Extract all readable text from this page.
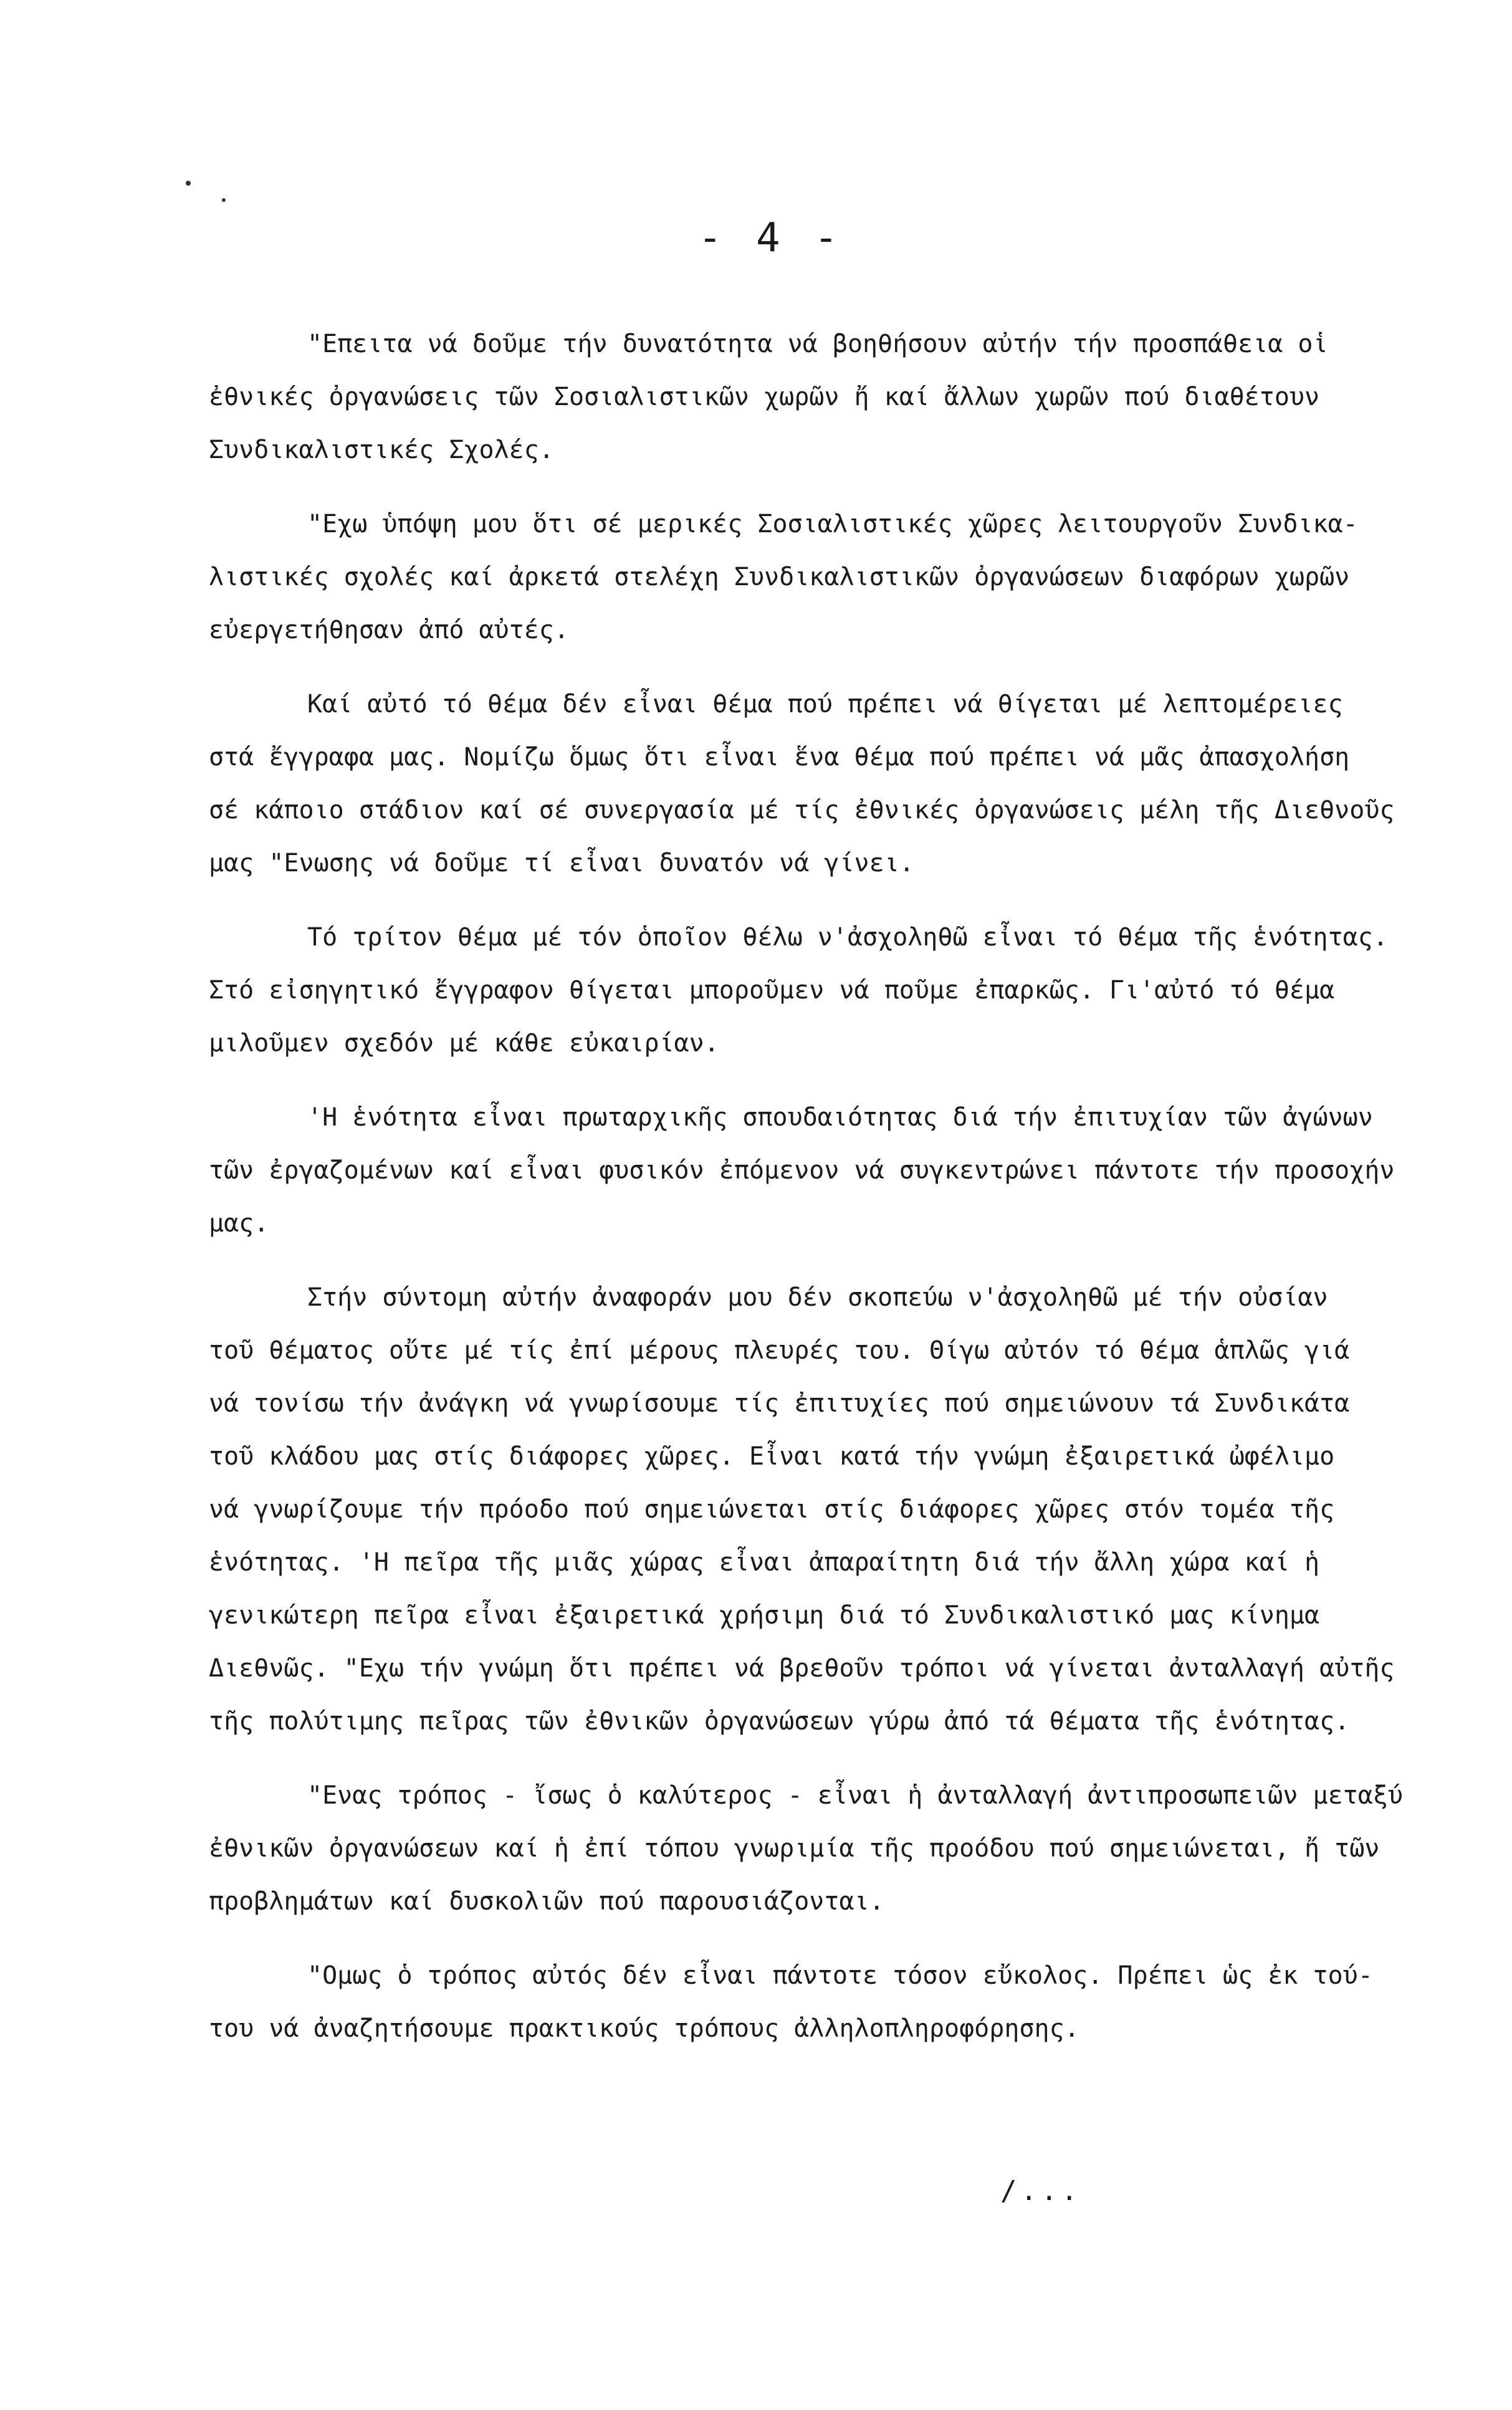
- 4 -
"Επειτα νά δοῦμε τήν δυνατότητα νά βοηθήσουν αὐτήν τήν προσπάθεια οἱ
ἐθνικές ὀργανώσεις τῶν Σοσιαλιστικῶν χωρῶν ἤ καί ἄλλων χωρῶν πού διαθέτουν
Συνδικαλιστικές Σχολές.
"Εχω ὑπόψη μου ὅτι σέ μερικές Σοσιαλιστικές χῶρες λειτουργοῦν Συνδικα-
λιστικές σχολές καί ἀρκετά στελέχη Συνδικαλιστικῶν ὀργανώσεων διαφόρων χωρῶν
εὐεργετήθησαν ἀπό αὐτές.
Καί αὐτό τό θέμα δέν εἶναι θέμα πού πρέπει νά θίγεται μέ λεπτομέρειες
στά ἔγγραφα μας. Νομίζω ὅμως ὅτι εἶναι ἕνα θέμα πού πρέπει νά μᾶς ἀπασχολήση
σέ κάποιο στάδιον καί σέ συνεργασία μέ τίς ἐθνικές ὀργανώσεις μέλη τῆς Διεθνοῦς
μας "Ενωσης νά δοῦμε τί εἶναι δυνατόν νά γίνει.
Τό τρίτον θέμα μέ τόν ὁποῖον θέλω ν'ἀσχοληθῶ εἶναι τό θέμα τῆς ἑνότητας.
Στό εἰσηγητικό ἔγγραφον θίγεται μποροῦμεν νά ποῦμε ἐπαρκῶς. Γι'αὐτό τό θέμα
μιλοῦμεν σχεδόν μέ κάθε εὐκαιρίαν.
'Η ἑνότητα εἶναι πρωταρχικῆς σπουδαιότητας διά τήν ἐπιτυχίαν τῶν ἀγώνων
τῶν ἐργαζομένων καί εἶναι φυσικόν ἐπόμενον νά συγκεντρώνει πάντοτε τήν προσοχήν
μας.
Στήν σύντομη αὐτήν ἀναφοράν μου δέν σκοπεύω ν'ἀσχοληθῶ μέ τήν οὐσίαν
τοῦ θέματος οὔτε μέ τίς ἐπί μέρους πλευρές του. Θίγω αὐτόν τό θέμα ἁπλῶς γιά
νά τονίσω τήν ἀνάγκη νά γνωρίσουμε τίς ἐπιτυχίες πού σημειώνουν τά Συνδικάτα
τοῦ κλάδου μας στίς διάφορες χῶρες. Εἶναι κατά τήν γνώμη ἐξαιρετικά ὠφέλιμο
νά γνωρίζουμε τήν πρόοδο πού σημειώνεται στίς διάφορες χῶρες στόν τομέα τῆς
ἑνότητας. 'Η πεῖρα τῆς μιᾶς χώρας εἶναι ἀπαραίτητη διά τήν ἄλλη χώρα καί ἡ
γενικώτερη πεῖρα εἶναι ἐξαιρετικά χρήσιμη διά τό Συνδικαλιστικό μας κίνημα
Διεθνῶς. "Εχω τήν γνώμη ὅτι πρέπει νά βρεθοῦν τρόποι νά γίνεται ἀνταλλαγή αὐτῆς
τῆς πολύτιμης πεῖρας τῶν ἐθνικῶν ὀργανώσεων γύρω ἀπό τά θέματα τῆς ἑνότητας.
"Ενας τρόπος - ἴσως ὁ καλύτερος - εἶναι ἡ ἀνταλλαγή ἀντιπροσωπειῶν μεταξύ
ἐθνικῶν ὀργανώσεων καί ἡ ἐπί τόπου γνωριμία τῆς προόδου πού σημειώνεται, ἤ τῶν
προβλημάτων καί δυσκολιῶν πού παρουσιάζονται.
"Ομως ὁ τρόπος αὐτός δέν εἶναι πάντοτε τόσον εὔκολος. Πρέπει ὡς ἐκ τού-
του νά ἀναζητήσουμε πρακτικούς τρόπους ἀλληλοπληροφόρησης.
/...
